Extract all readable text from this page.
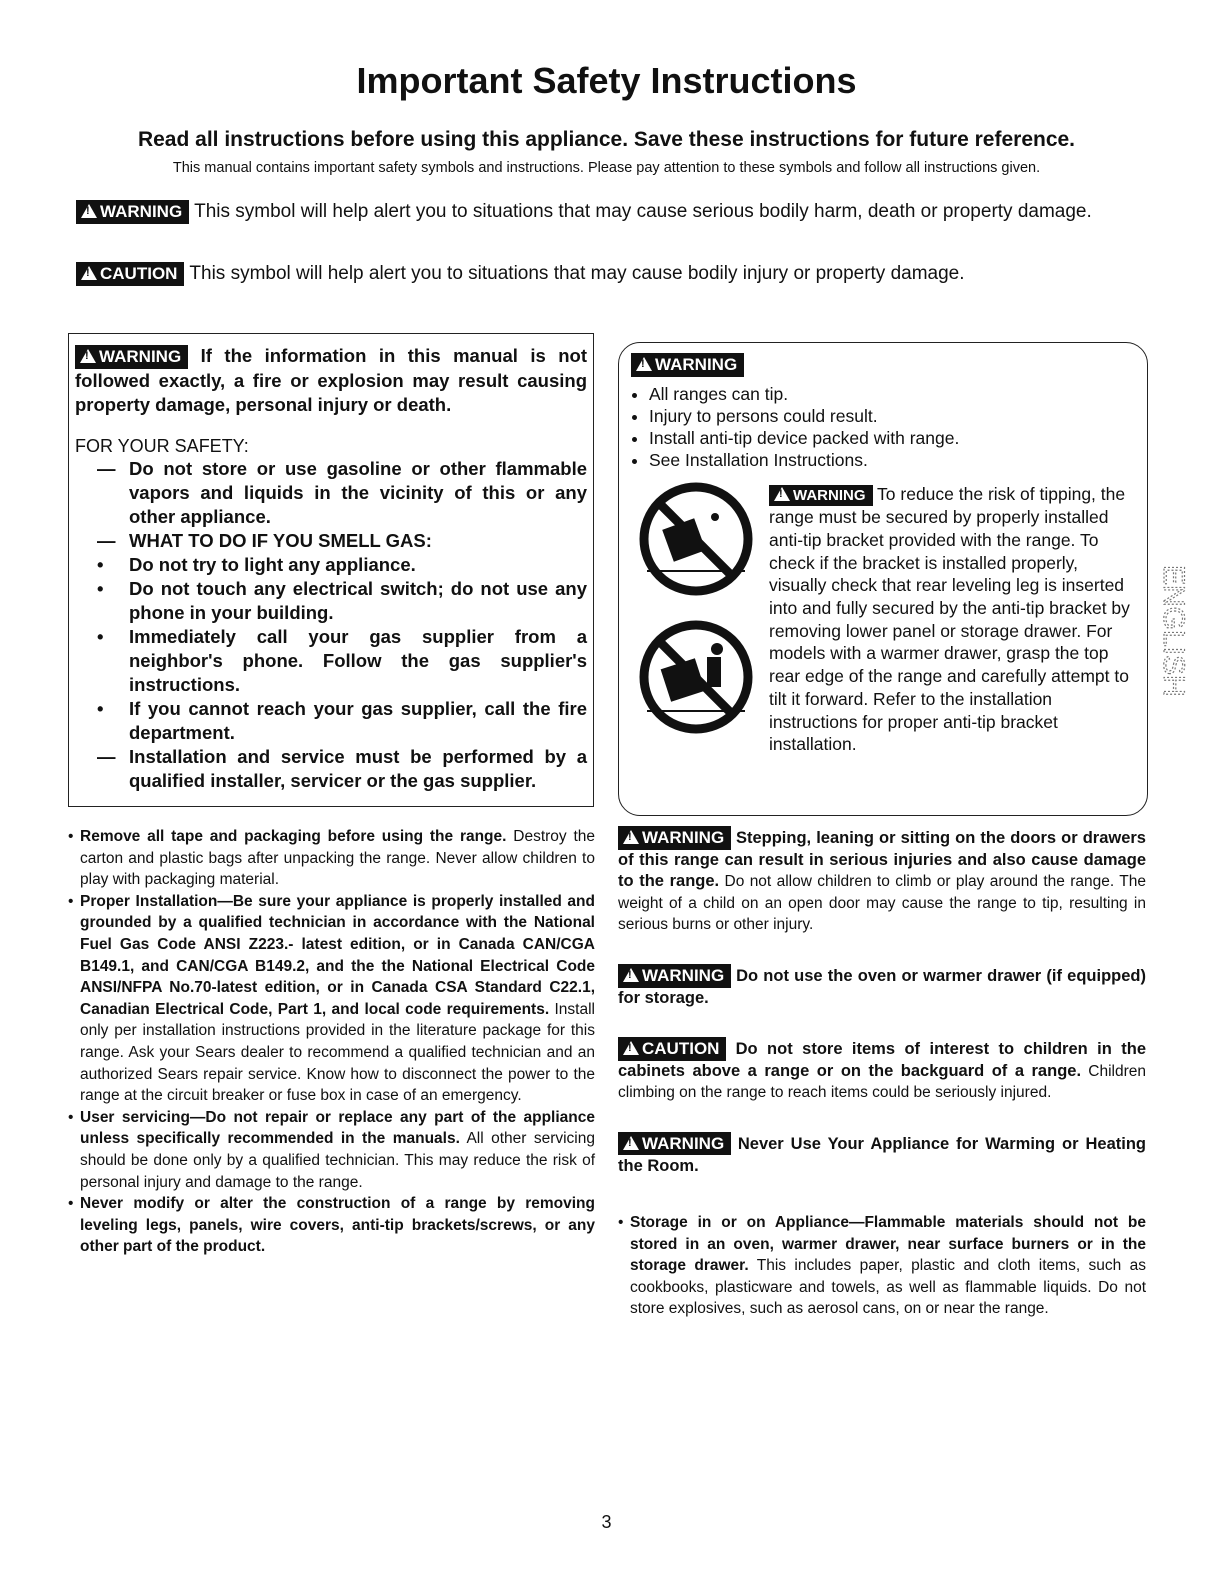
Important Safety Instructions
Read all instructions before using this appliance. Save these instructions for future reference.
This manual contains important safety symbols and instructions. Please pay attention to these symbols and follow all instructions given.
!WARNING This symbol will help alert you to situations that may cause serious bodily harm, death or property damage.
!CAUTION This symbol will help alert you to situations that may cause bodily injury or property damage.
!WARNING If the information in this manual is not followed exactly, a fire or explosion may result causing property damage, personal injury or death.
FOR YOUR SAFETY:
— Do not store or use gasoline or other flammable vapors and liquids in the vicinity of this or any other appliance.
— WHAT TO DO IF YOU SMELL GAS:
• Do not try to light any appliance.
• Do not touch any electrical switch; do not use any phone in your building.
• Immediately call your gas supplier from a neighbor's phone. Follow the gas supplier's instructions.
• If you cannot reach your gas supplier, call the fire department.
— Installation and service must be performed by a qualified installer, servicer or the gas supplier.
!WARNING
• All ranges can tip.
• Injury to persons could result.
• Install anti-tip device packed with range.
• See Installation Instructions.
!WARNING To reduce the risk of tipping, the range must be secured by properly installed anti-tip bracket provided with the range. To check if the bracket is installed properly, visually check that rear leveling leg is inserted into and fully secured by the anti-tip bracket by removing lower panel or storage drawer. For models with a warmer drawer, grasp the top rear edge of the range and carefully attempt to tilt it forward. Refer to the installation instructions for proper anti-tip bracket installation.
ENGLISH
• Remove all tape and packaging before using the range. Destroy the carton and plastic bags after unpacking the range. Never allow children to play with packaging material.
• Proper Installation—Be sure your appliance is properly installed and grounded by a qualified technician in accordance with the National Fuel Gas Code ANSI Z223.- latest edition, or in Canada CAN/CGA B149.1, and CAN/CGA B149.2, and the the National Electrical Code ANSI/NFPA No.70-latest edition, or in Canada CSA Standard C22.1, Canadian Electrical Code, Part 1, and local code requirements. Install only per installation instructions provided in the literature package for this range. Ask your Sears dealer to recommend a qualified technician and an authorized Sears repair service. Know how to disconnect the power to the range at the circuit breaker or fuse box in case of an emergency.
• User servicing—Do not repair or replace any part of the appliance unless specifically recommended in the manuals. All other servicing should be done only by a qualified technician. This may reduce the risk of personal injury and damage to the range.
• Never modify or alter the construction of a range by removing leveling legs, panels, wire covers, anti-tip brackets/screws, or any other part of the product.
!WARNING Stepping, leaning or sitting on the doors or drawers of this range can result in serious injuries and also cause damage to the range. Do not allow children to climb or play around the range. The weight of a child on an open door may cause the range to tip, resulting in serious burns or other injury.
!WARNING Do not use the oven or warmer drawer (if equipped) for storage.
!CAUTION Do not store items of interest to children in the cabinets above a range or on the backguard of a range. Children climbing on the range to reach items could be seriously injured.
!WARNING Never Use Your Appliance for Warming or Heating the Room.
• Storage in or on Appliance—Flammable materials should not be stored in an oven, warmer drawer, near surface burners or in the storage drawer. This includes paper, plastic and cloth items, such as cookbooks, plasticware and towels, as well as flammable liquids. Do not store explosives, such as aerosol cans, on or near the range.
3
